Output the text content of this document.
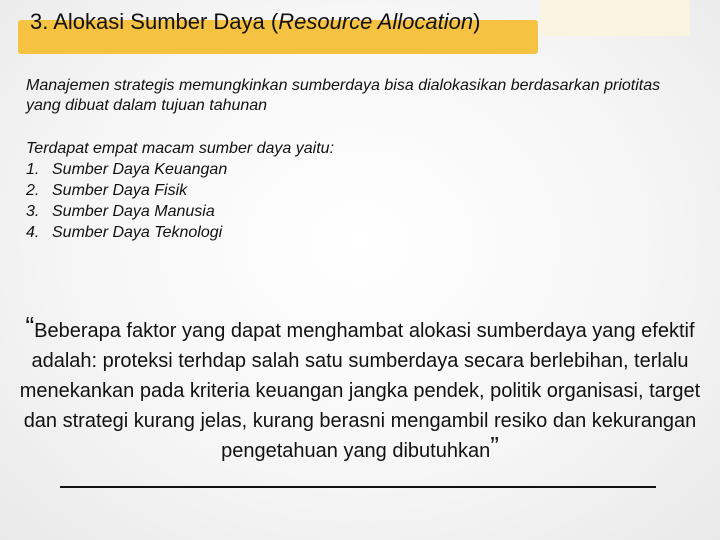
3. Alokasi Sumber Daya (Resource Allocation)

Manajemen strategis memungkinkan sumberdaya bisa dialokasikan berdasarkan priotitas yang dibuat dalam tujuan tahunan

Terdapat empat macam sumber daya yaitu:

1. Sumber Daya Keuangan
2. Sumber Daya Fisik
3. Sumber Daya Manusia
4. Sumber Daya Teknologi

“Beberapa faktor yang dapat menghambat alokasi sumberdaya yang efektif adalah: proteksi terhdap salah satu sumberdaya secara berlebihan, terlalu menekankan pada kriteria keuangan jangka pendek, politik organisasi, target dan strategi kurang jelas, kurang berasni mengambil resiko dan kekurangan pengetahuan yang dibutuhkan”
